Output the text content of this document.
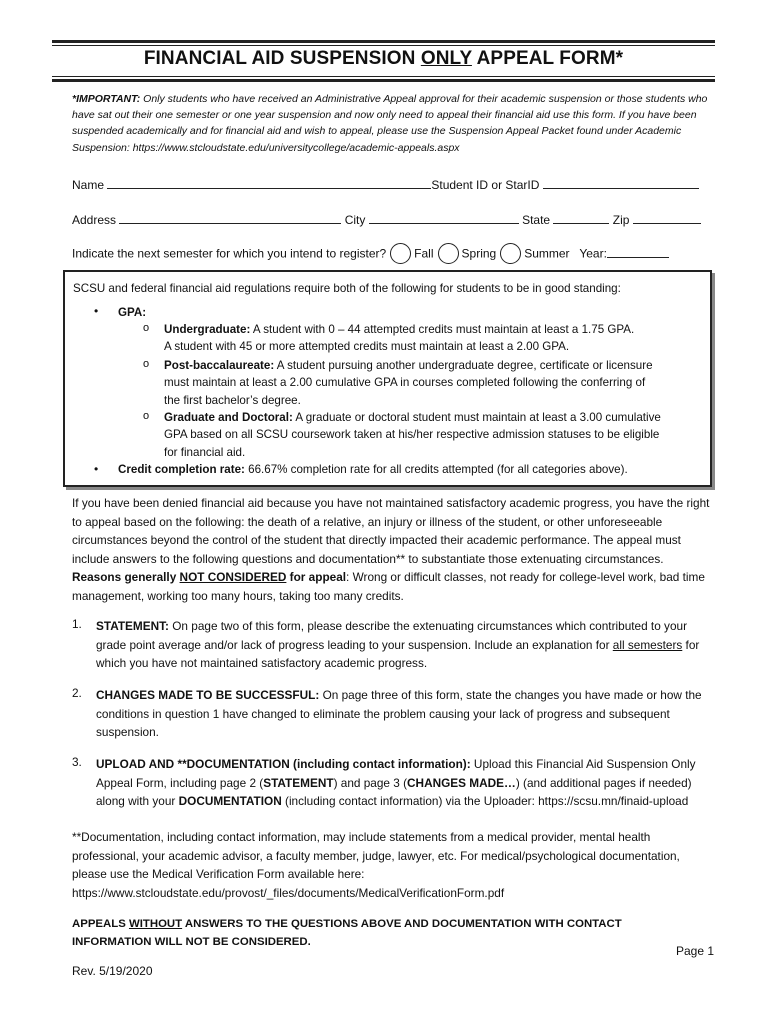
FINANCIAL AID SUSPENSION ONLY APPEAL FORM*
*IMPORTANT: Only students who have received an Administrative Appeal approval for their academic suspension or those students who have sat out their one semester or one year suspension and now only need to appeal their financial aid use this form. If you have been suspended academically and for financial aid and wish to appeal, please use the Suspension Appeal Packet found under Academic Suspension: https://www.stcloudstate.edu/universitycollege/academic-appeals.aspx
Name	Student ID or StarID
Address	City	State	Zip
Indicate the next semester for which you intend to register? Fall Spring Summer Year:
SCSU and federal financial aid regulations require both of the following for students to be in good standing:
• GPA:
o Undergraduate: A student with 0 – 44 attempted credits must maintain at least a 1.75 GPA.
A student with 45 or more attempted credits must maintain at least a 2.00 GPA.
o Post-baccalaureate: A student pursuing another undergraduate degree, certificate or licensure
must maintain at least a 2.00 cumulative GPA in courses completed following the conferring of
the first bachelor’s degree.
o Graduate and Doctoral: A graduate or doctoral student must maintain at least a 3.00 cumulative
GPA based on all SCSU coursework taken at his/her respective admission statuses to be eligible
for financial aid.
• Credit completion rate: 66.67% completion rate for all credits attempted (for all categories above).
If you have been denied financial aid because you have not maintained satisfactory academic progress, you have the right to appeal based on the following: the death of a relative, an injury or illness of the student, or other unforeseeable circumstances beyond the control of the student that directly impacted their academic performance. The appeal must include answers to the following questions and documentation** to substantiate those extenuating circumstances. Reasons generally NOT CONSIDERED for appeal: Wrong or difficult classes, not ready for college-level work, bad time management, working too many hours, taking too many credits.
1. STATEMENT: On page two of this form, please describe the extenuating circumstances which contributed to your grade point average and/or lack of progress leading to your suspension. Include an explanation for all semesters for which you have not maintained satisfactory academic progress.
2. CHANGES MADE TO BE SUCCESSFUL: On page three of this form, state the changes you have made or how the conditions in question 1 have changed to eliminate the problem causing your lack of progress and subsequent suspension.
3. UPLOAD AND **DOCUMENTATION (including contact information): Upload this Financial Aid Suspension Only Appeal Form, including page 2 (STATEMENT) and page 3 (CHANGES MADE…) (and additional pages if needed) along with your DOCUMENTATION (including contact information) via the Uploader: https://scsu.mn/finaid-upload
**Documentation, including contact information, may include statements from a medical provider, mental health professional, your academic advisor, a faculty member, judge, lawyer, etc. For medical/psychological documentation, please use the Medical Verification Form available here: https://www.stcloudstate.edu/provost/_files/documents/MedicalVerificationForm.pdf
APPEALS WITHOUT ANSWERS TO THE QUESTIONS ABOVE AND DOCUMENTATION WITH CONTACT INFORMATION WILL NOT BE CONSIDERED.
Page 1
Rev. 5/19/2020
